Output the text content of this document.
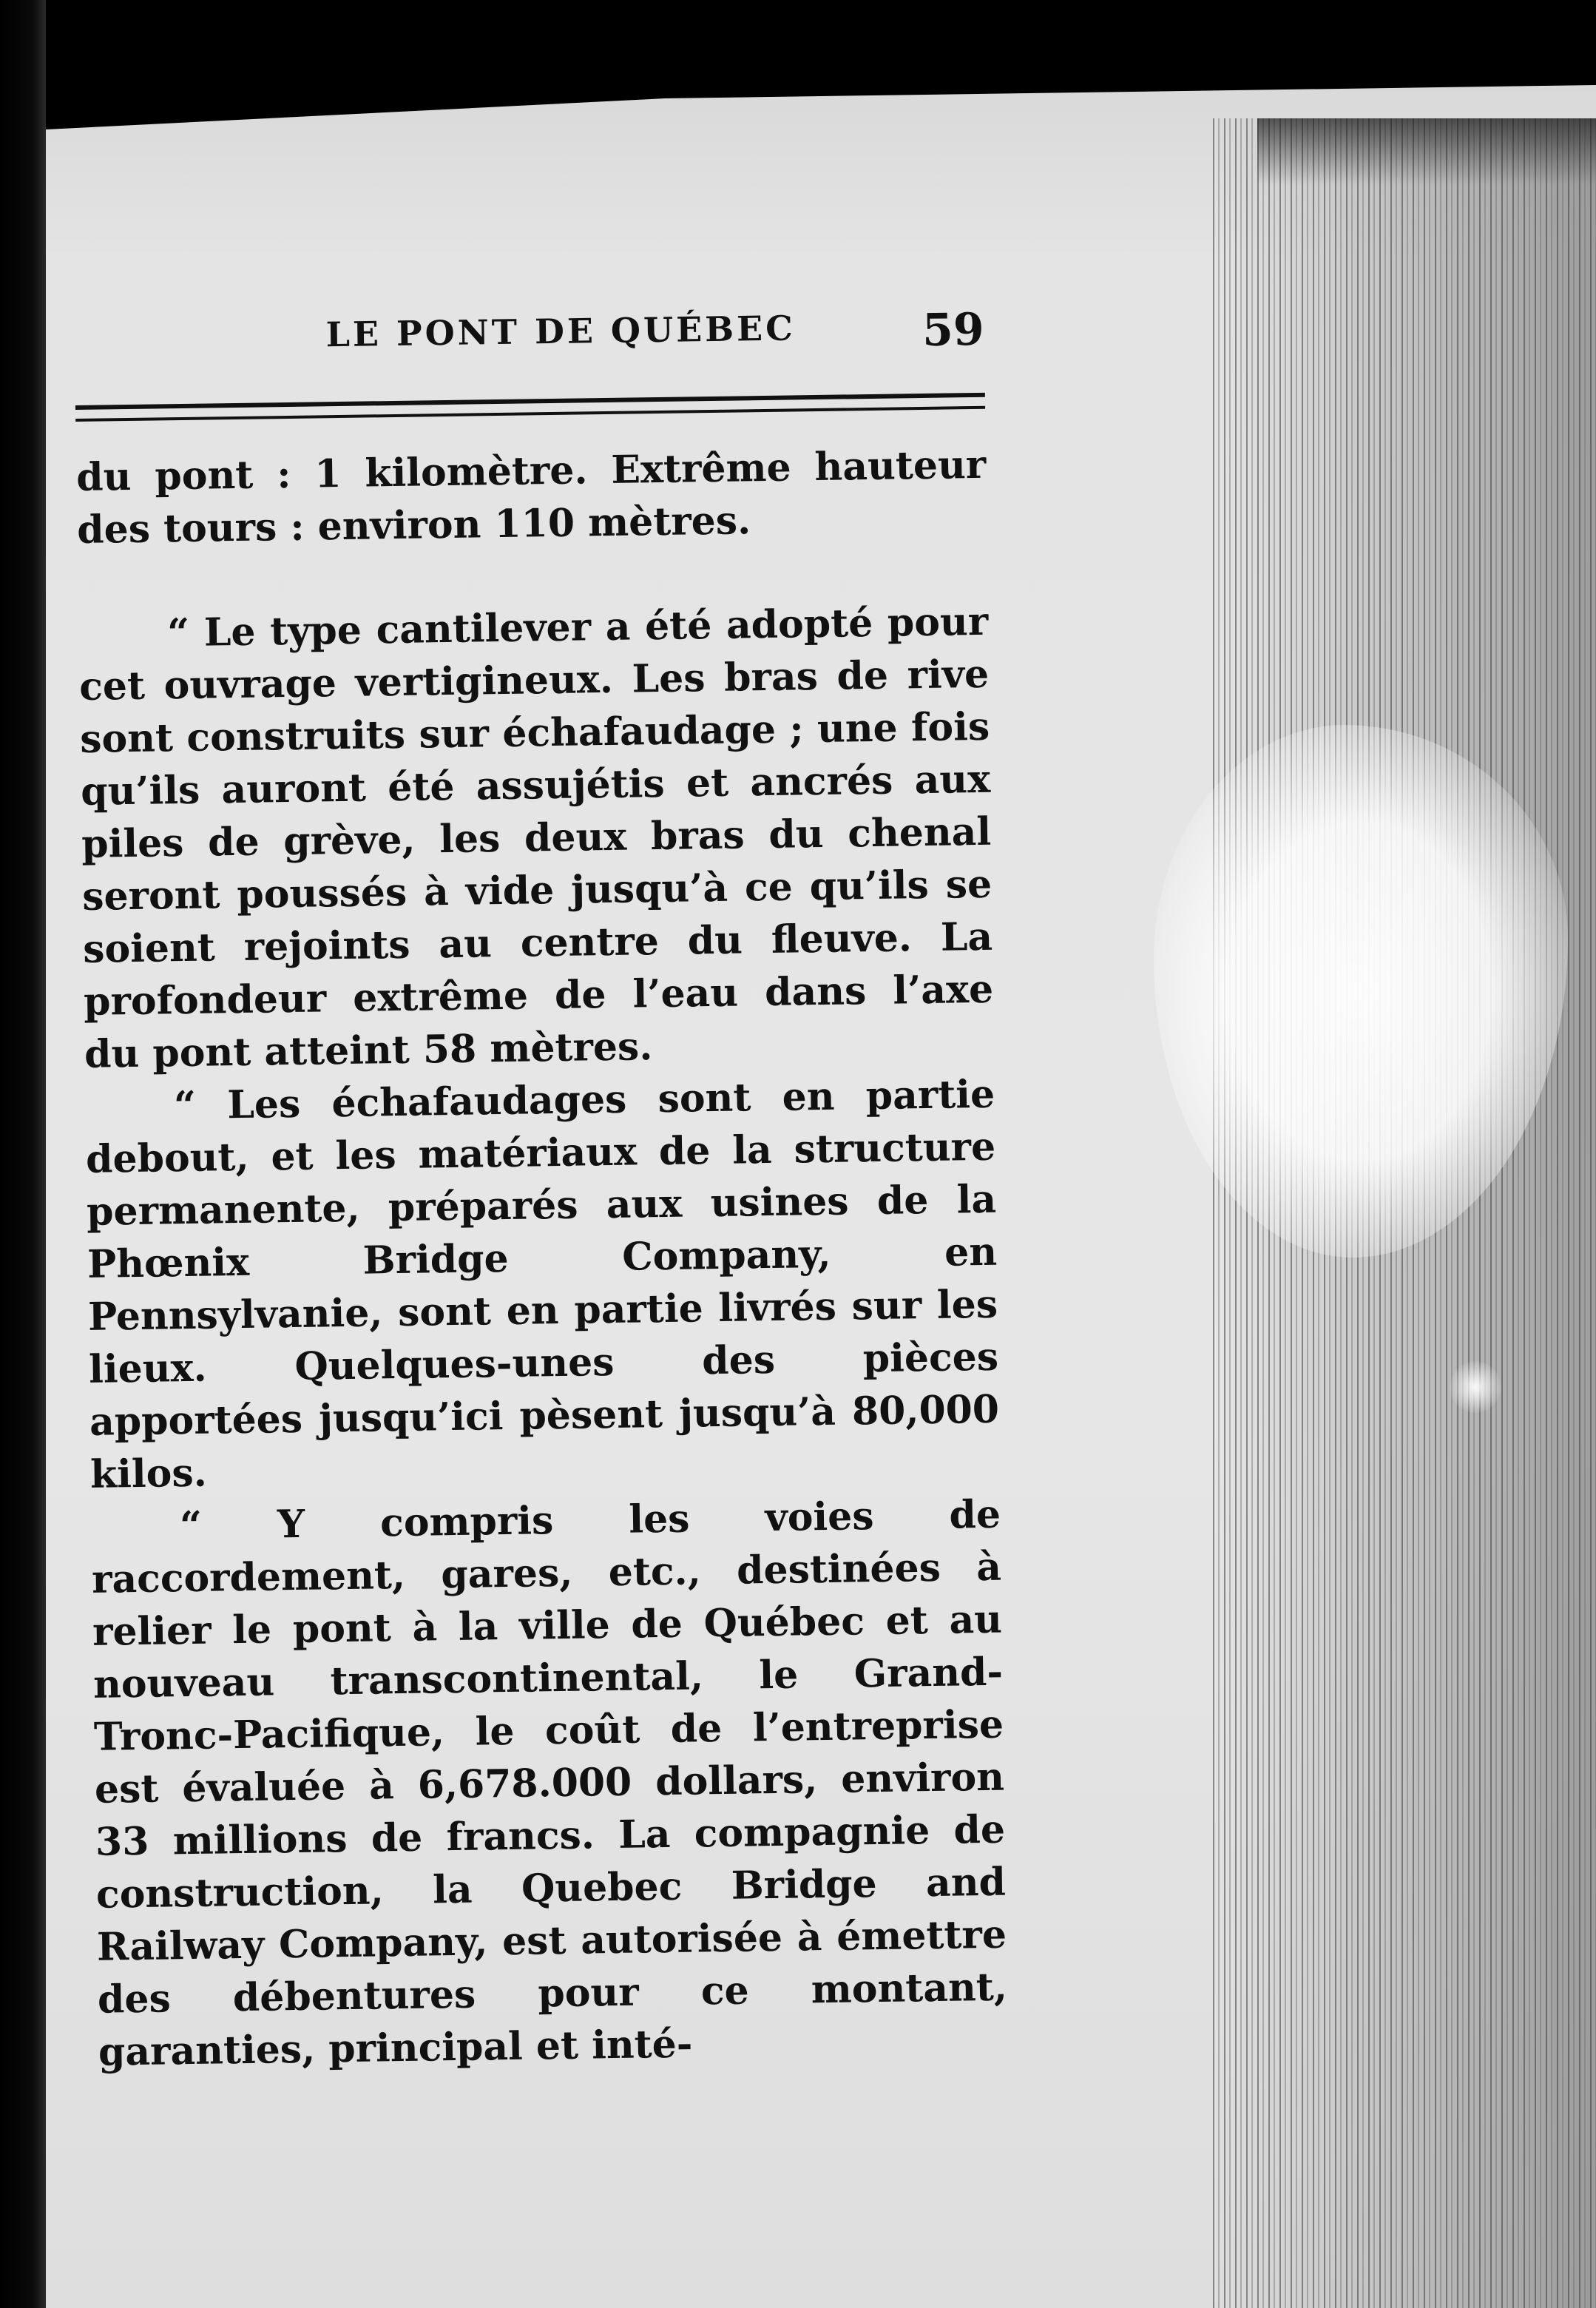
LE PONT DE QUÉBEC	59

du pont : 1 kilomètre. Extrême hauteur des tours : environ 110 mètres.

“ Le type cantilever a été adopté pour cet ouvrage vertigineux. Les bras de rive sont construits sur échafaudage ; une fois qu’ils auront été assujétis et ancrés aux piles de grève, les deux bras du chenal seront poussés à vide jusqu’à ce qu’ils se soient rejoints au centre du fleuve. La profondeur extrême de l’eau dans l’axe du pont atteint 58 mètres.

“ Les échafaudages sont en partie debout, et les matériaux de la structure permanente, préparés aux usines de la Phœnix Bridge Company, en Pennsylvanie, sont en partie livrés sur les lieux. Quelques-unes des pièces apportées jusqu’ici pèsent jusqu’à 80,000 kilos.

“ Y compris les voies de raccordement, gares, etc., destinées à relier le pont à la ville de Québec et au nouveau transcontinental, le Grand-Tronc-Pacifique, le coût de l’entreprise est évaluée à 6,678.000 dollars, environ 33 millions de francs. La compagnie de construction, la Quebec Bridge and Railway Company, est autorisée à émettre des débentures pour ce montant, garanties, principal et inté-
